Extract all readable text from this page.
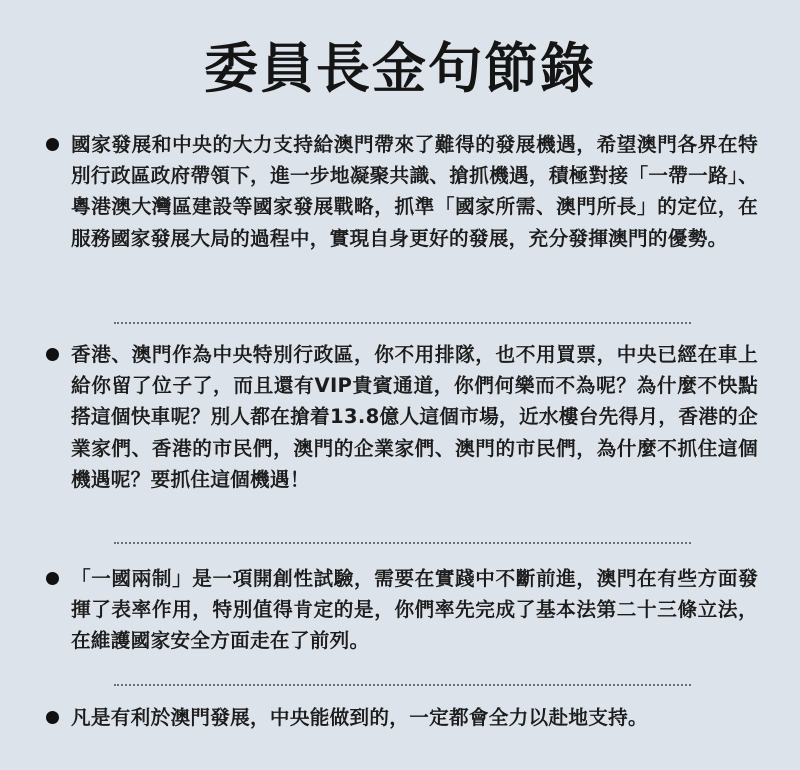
委員長金句節錄
國家發展和中央的大力支持給澳門帶來了難得的發展機遇，希望澳門各界在特別行政區政府帶領下，進一步地凝聚共識、搶抓機遇，積極對接「一帶一路」、粵港澳大灣區建設等國家發展戰略，抓準「國家所需、澳門所長」的定位，在服務國家發展大局的過程中，實現自身更好的發展，充分發揮澳門的優勢。
香港、澳門作為中央特別行政區，你不用排隊，也不用買票，中央已經在車上給你留了位子了，而且還有VIP貴賓通道，你們何樂而不為呢？為什麼不快點搭這個快車呢？別人都在搶着13.8億人這個市場，近水樓台先得月，香港的企業家們、香港的市民們，澳門的企業家們、澳門的市民們，為什麼不抓住這個機遇呢？要抓住這個機遇！
「一國兩制」是一項開創性試驗，需要在實踐中不斷前進，澳門在有些方面發揮了表率作用，特別值得肯定的是，你們率先完成了基本法第二十三條立法，在維護國家安全方面走在了前列。
凡是有利於澳門發展，中央能做到的，一定都會全力以赴地支持。
